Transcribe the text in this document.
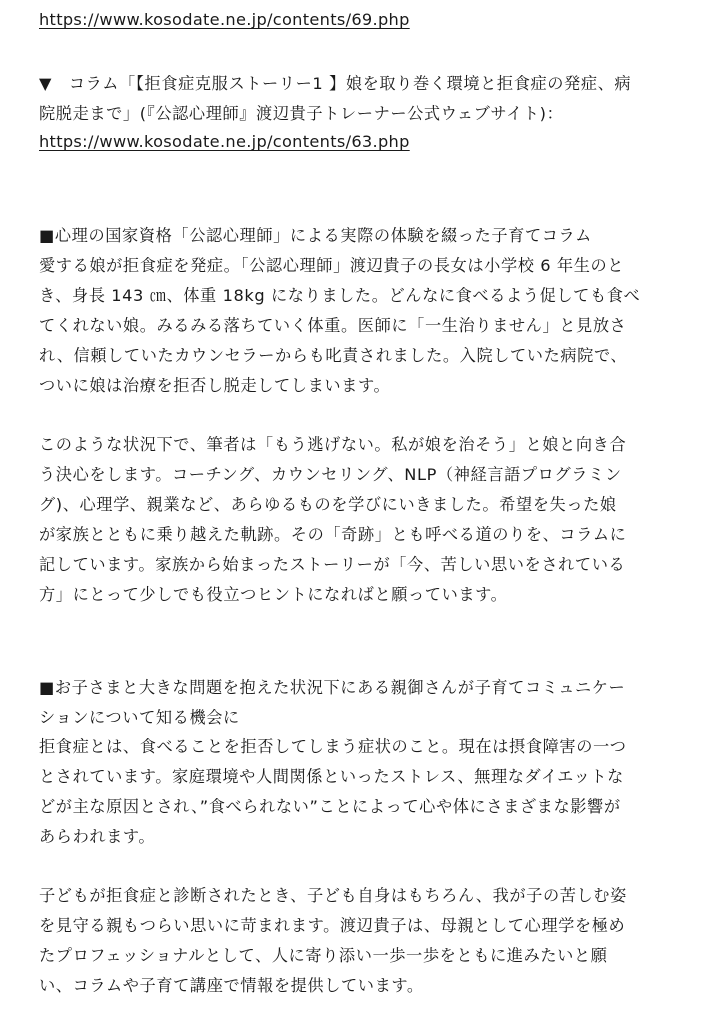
https://www.kosodate.ne.jp/contents/69.php
▼　コラム「【拒食症克服ストーリー1 】娘を取り巻く環境と拒食症の発症、病
院脱走まで」(『公認心理師』渡辺貴子トレーナー公式ウェブサイト)：
https://www.kosodate.ne.jp/contents/63.php
■心理の国家資格「公認心理師」による実際の体験を綴った子育てコラム
愛する娘が拒食症を発症。「公認心理師」渡辺貴子の長女は小学校 6 年生のと
き、身長 143 ㎝、体重 18kg になりました。どんなに食べるよう促しても食べ
てくれない娘。みるみる落ちていく体重。医師に「一生治りません」と見放さ
れ、信頼していたカウンセラーからも叱責されました。入院していた病院で、
ついに娘は治療を拒否し脱走してしまいます。
このような状況下で、筆者は「もう逃げない。私が娘を治そう」と娘と向き合
う決心をします。コーチング、カウンセリング、NLP（神経言語プログラミン
グ)、心理学、親業など、あらゆるものを学びにいきました。希望を失った娘
が家族とともに乗り越えた軌跡。その「奇跡」とも呼べる道のりを、コラムに
記しています。家族から始まったストーリーが「今、苦しい思いをされている
方」にとって少しでも役立つヒントになればと願っています。
■お子さまと大きな問題を抱えた状況下にある親御さんが子育てコミュニケー
ションについて知る機会に
拒食症とは、食べることを拒否してしまう症状のこと。現在は摂食障害の一つ
とされています。家庭環境や人間関係といったストレス、無理なダイエットな
どが主な原因とされ、”食べられない”ことによって心や体にさまざまな影響が
あらわれます。
子どもが拒食症と診断されたとき、子ども自身はもちろん、我が子の苦しむ姿
を見守る親もつらい思いに苛まれます。渡辺貴子は、母親として心理学を極め
たプロフェッショナルとして、人に寄り添い一歩一歩をともに進みたいと願
い、コラムや子育て講座で情報を提供しています。
